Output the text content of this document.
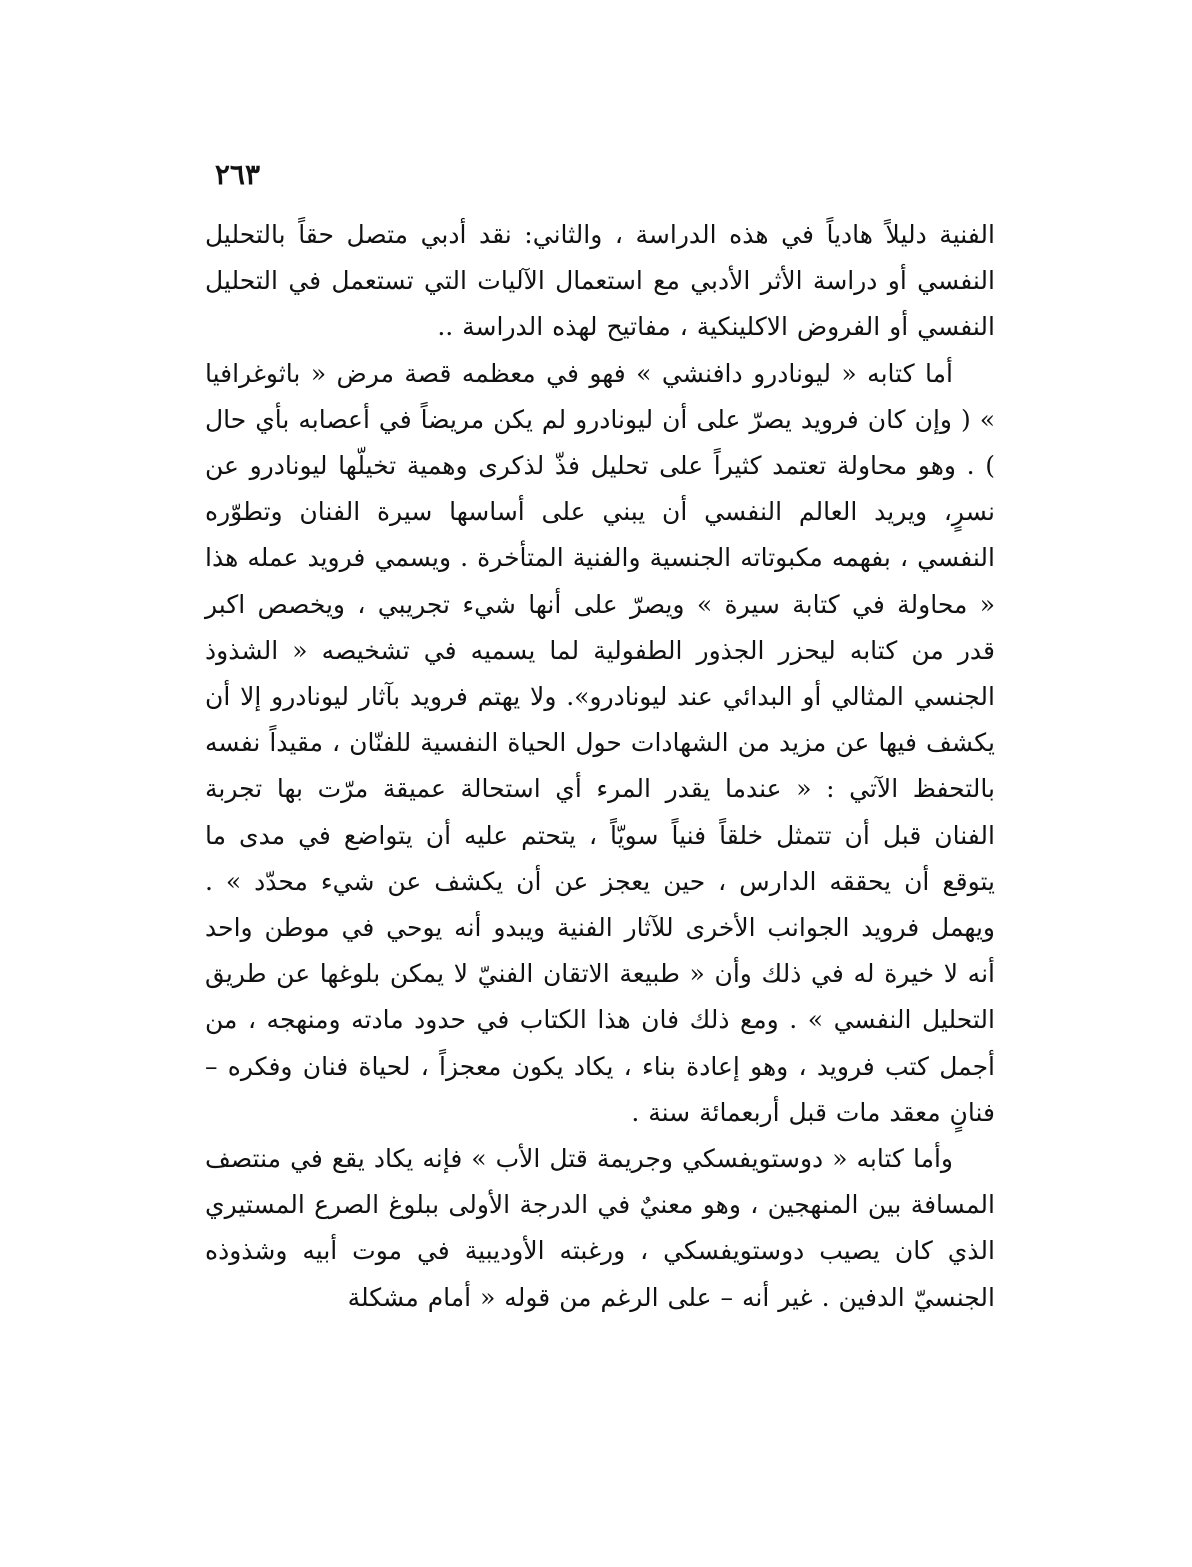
٢٦٣

الفنية دليلاً هادياً في هذه الدراسة ، والثاني: نقد أدبي متصل حقاً بالتحليل النفسي أو دراسة الأثر الأدبي مع استعمال الآليات التي تستعمل في التحليل النفسي أو الفروض الاكلينكية ، مفاتيح لهذه الدراسة ..

أما كتابه « ليونادرو دافنشي » فهو في معظمه قصة مرض « باثوغرافيا » ( وإن كان فرويد يصرّ على أن ليونادرو لم يكن مريضاً في أعصابه بأي حال ) . وهو محاولة تعتمد كثيراً على تحليل فذّ لذكرى وهمية تخيلّها ليونادرو عن نسرٍ، ويريد العالم النفسي أن يبني على أساسها سيرة الفنان وتطوّره النفسي ، بفهمه مكبوتاته الجنسية والفنية المتأخرة . ويسمي فرويد عمله هذا « محاولة في كتابة سيرة » ويصرّ على أنها شيء تجريبي ، ويخصص اكبر قدر من كتابه ليحزر الجذور الطفولية لما يسميه في تشخيصه « الشذوذ الجنسي المثالي أو البدائي عند ليونادرو». ولا يهتم فرويد بآثار ليونادرو إلا أن يكشف فيها عن مزيد من الشهادات حول الحياة النفسية للفنّان ، مقيداً نفسه بالتحفظ الآتي : « عندما يقدر المرء أي استحالة عميقة مرّت بها تجربة الفنان قبل أن تتمثل خلقاً فنياً سويّاً ، يتحتم عليه أن يتواضع في مدى ما يتوقع أن يحققه الدارس ، حين يعجز عن أن يكشف عن شيء محدّد » . ويهمل فرويد الجوانب الأخرى للآثار الفنية ويبدو أنه يوحي في موطن واحد أنه لا خيرة له في ذلك وأن « طبيعة الاتقان الفنيّ لا يمكن بلوغها عن طريق التحليل النفسي » . ومع ذلك فان هذا الكتاب في حدود مادته ومنهجه ، من أجمل كتب فرويد ، وهو إعادة بناء ، يكاد يكون معجزاً ، لحياة فنان وفكره – فنانٍ معقد مات قبل أربعمائة سنة .

وأما كتابه « دوستويفسكي وجريمة قتل الأب » فإنه يكاد يقع في منتصف المسافة بين المنهجين ، وهو معنيٌ في الدرجة الأولى ببلوغ الصرع المستيري الذي كان يصيب دوستويفسكي ، ورغبته الأوديبية في موت أبيه وشذوذه الجنسيّ الدفين . غير أنه – على الرغم من قوله « أمام مشكلة
